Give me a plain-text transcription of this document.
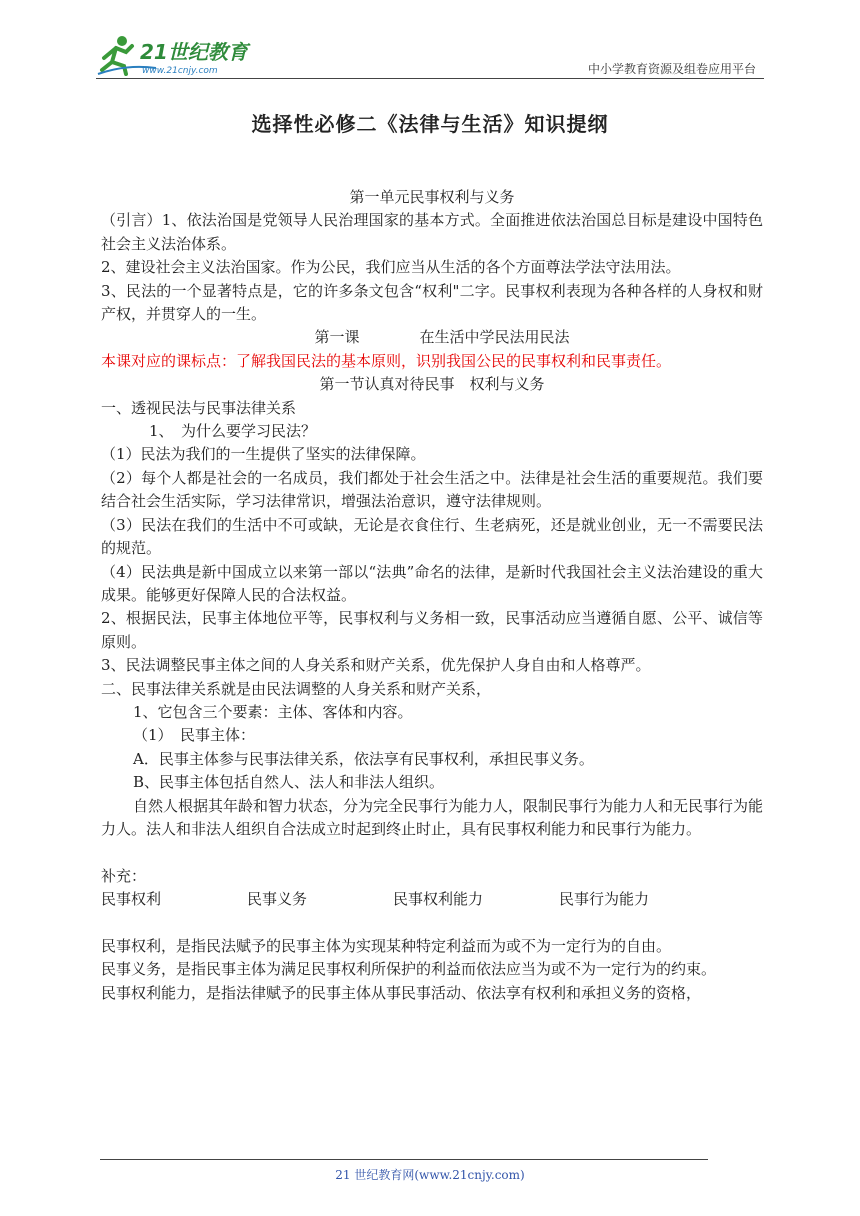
21世纪教育
www.21cnjy.com	中小学教育资源及组卷应用平台
选择性必修二《法律与生活》知识提纲

第一单元民事权利与义务

（引言）1、依法治国是党领导人民治理国家的基本方式。全面推进依法治国总目标是建设中国特色社会主义法治体系。

2、建设社会主义法治国家。作为公民，我们应当从生活的各个方面尊法学法守法用法。

3、民法的一个显著特点是，它的许多条文包含“权利"二字。民事权利表现为各种各样的人身权和财产权，并贯穿人的一生。

第一课	在生活中学民法用民法

本课对应的课标点：了解我国民法的基本原则，识别我国公民的民事权利和民事责任。

第一节认真对待民事　权利与义务

一、透视民法与民事法律关系

1、　为什么要学习民法？

（1）民法为我们的一生提供了坚实的法律保障。

（2）每个人都是社会的一名成员，我们都处于社会生活之中。法律是社会生活的重要规范。我们要结合社会生活实际，学习法律常识，增强法治意识，遵守法律规则。

（3）民法在我们的生活中不可或缺，无论是衣食住行、生老病死，还是就业创业，无一不需要民法的规范。

（4）民法典是新中国成立以来第一部以“法典”命名的法律，是新时代我国社会主义法治建设的重大成果。能够更好保障人民的合法权益。

2、根据民法，民事主体地位平等，民事权利与义务相一致，民事活动应当遵循自愿、公平、诚信等原则。

3、民法调整民事主体之间的人身关系和财产关系，优先保护人身自由和人格尊严。

二、民事法律关系就是由民法调整的人身关系和财产关系，

1、它包含三个要素：主体、客体和内容。

（1）　民事主体：

A．民事主体参与民事法律关系，依法享有民事权利，承担民事义务。

B、民事主体包括自然人、法人和非法人组织。

自然人根据其年龄和智力状态，分为完全民事行为能力人，限制民事行为能力人和无民事行为能力人。法人和非法人组织自合法成立时起到终止时止，具有民事权利能力和民事行为能力。

补充：

民事权利	民事义务	民事权利能力	民事行为能力

民事权利，是指民法赋予的民事主体为实现某种特定利益而为或不为一定行为的自由。

民事义务，是指民事主体为满足民事权利所保护的利益而依法应当为或不为一定行为的约束。

民事权利能力，是指法律赋予的民事主体从事民事活动、依法享有权利和承担义务的资格，

21 世纪教育网(www.21cnjy.com)
